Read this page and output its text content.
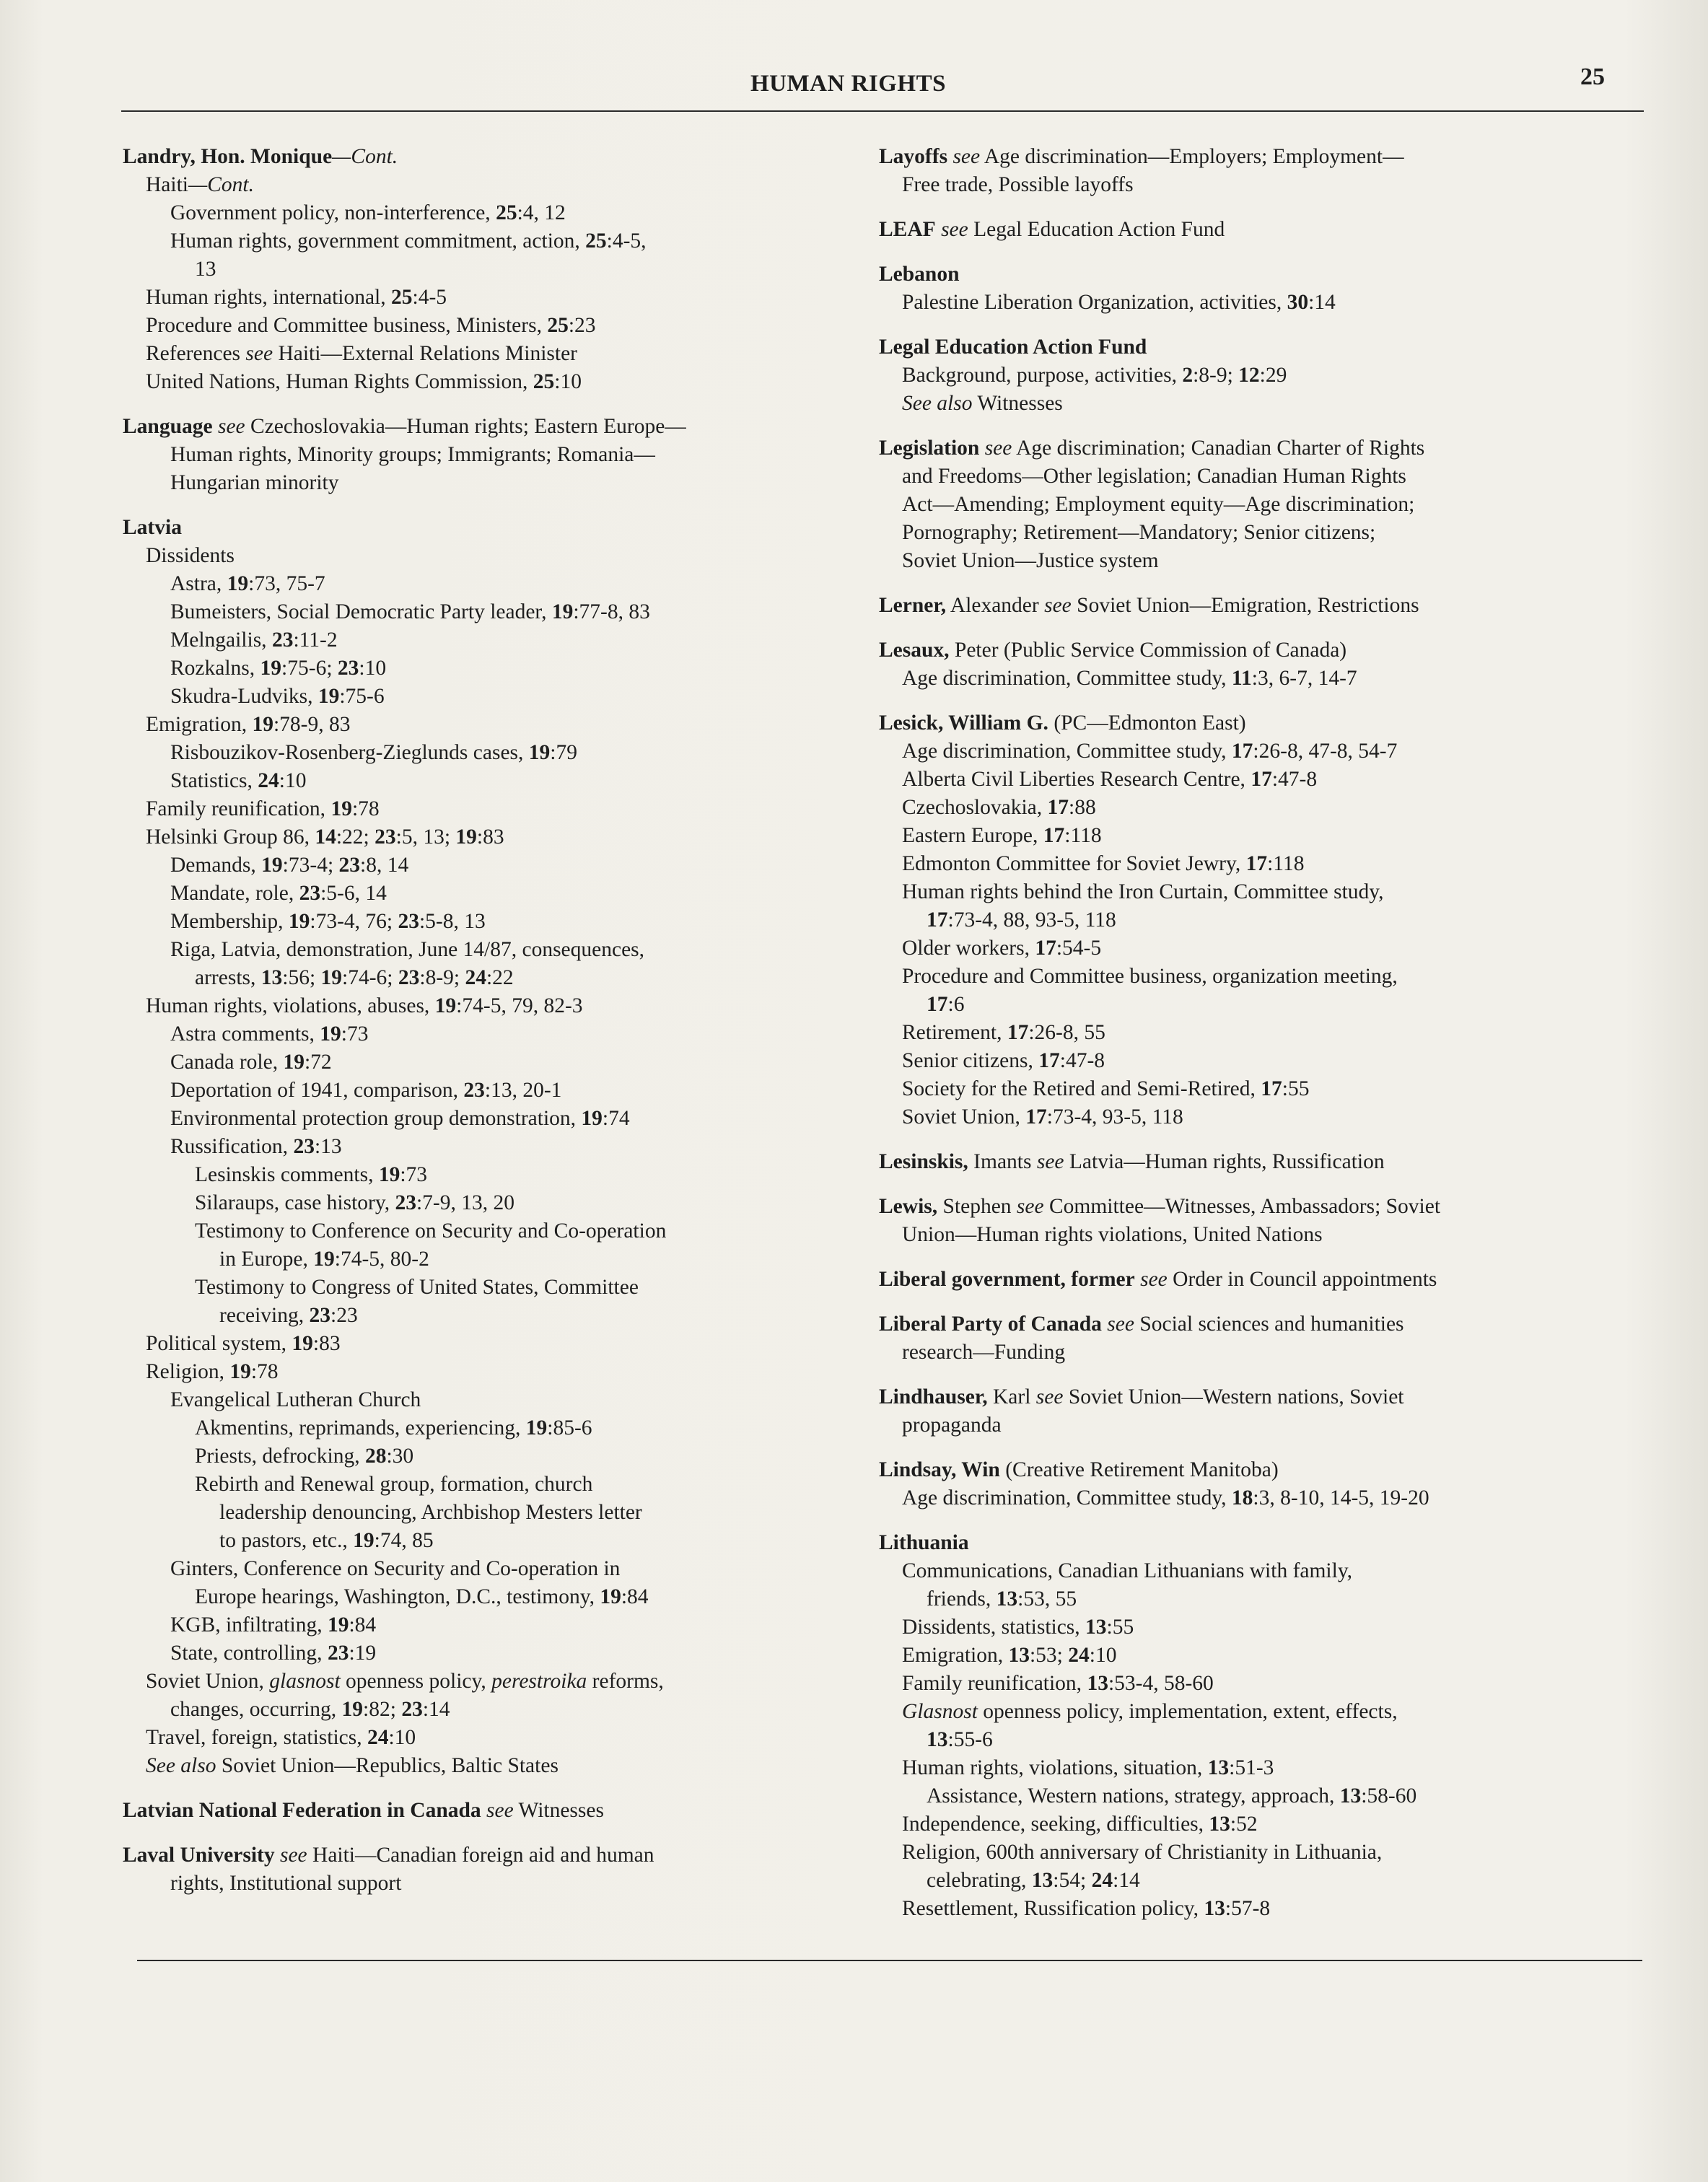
HUMAN RIGHTS	25
Landry, Hon. Monique—Cont.
Haiti—Cont.
Government policy, non-interference, 25:4, 12
Human rights, government commitment, action, 25:4-5,
13
Human rights, international, 25:4-5
Procedure and Committee business, Ministers, 25:23
References see Haiti—External Relations Minister
United Nations, Human Rights Commission, 25:10
Language see Czechoslovakia—Human rights; Eastern Europe—
Human rights, Minority groups; Immigrants; Romania—
Hungarian minority
Latvia
Dissidents
Astra, 19:73, 75-7
Bumeisters, Social Democratic Party leader, 19:77-8, 83
Melngailis, 23:11-2
Rozkalns, 19:75-6; 23:10
Skudra-Ludviks, 19:75-6
Emigration, 19:78-9, 83
Risbouzikov-Rosenberg-Zieglunds cases, 19:79
Statistics, 24:10
Family reunification, 19:78
Helsinki Group 86, 14:22; 23:5, 13; 19:83
Demands, 19:73-4; 23:8, 14
Mandate, role, 23:5-6, 14
Membership, 19:73-4, 76; 23:5-8, 13
Riga, Latvia, demonstration, June 14/87, consequences,
arrests, 13:56; 19:74-6; 23:8-9; 24:22
Human rights, violations, abuses, 19:74-5, 79, 82-3
Astra comments, 19:73
Canada role, 19:72
Deportation of 1941, comparison, 23:13, 20-1
Environmental protection group demonstration, 19:74
Russification, 23:13
Lesinskis comments, 19:73
Silaraups, case history, 23:7-9, 13, 20
Testimony to Conference on Security and Co-operation
in Europe, 19:74-5, 80-2
Testimony to Congress of United States, Committee
receiving, 23:23
Political system, 19:83
Religion, 19:78
Evangelical Lutheran Church
Akmentins, reprimands, experiencing, 19:85-6
Priests, defrocking, 28:30
Rebirth and Renewal group, formation, church
leadership denouncing, Archbishop Mesters letter
to pastors, etc., 19:74, 85
Ginters, Conference on Security and Co-operation in
Europe hearings, Washington, D.C., testimony, 19:84
KGB, infiltrating, 19:84
State, controlling, 23:19
Soviet Union, glasnost openness policy, perestroika reforms,
changes, occurring, 19:82; 23:14
Travel, foreign, statistics, 24:10
See also Soviet Union—Republics, Baltic States
Latvian National Federation in Canada see Witnesses
Laval University see Haiti—Canadian foreign aid and human
rights, Institutional support
Layoffs see Age discrimination—Employers; Employment—
Free trade, Possible layoffs
LEAF see Legal Education Action Fund
Lebanon
Palestine Liberation Organization, activities, 30:14
Legal Education Action Fund
Background, purpose, activities, 2:8-9; 12:29
See also Witnesses
Legislation see Age discrimination; Canadian Charter of Rights
and Freedoms—Other legislation; Canadian Human Rights
Act—Amending; Employment equity—Age discrimination;
Pornography; Retirement—Mandatory; Senior citizens;
Soviet Union—Justice system
Lerner, Alexander see Soviet Union—Emigration, Restrictions
Lesaux, Peter (Public Service Commission of Canada)
Age discrimination, Committee study, 11:3, 6-7, 14-7
Lesick, William G. (PC—Edmonton East)
Age discrimination, Committee study, 17:26-8, 47-8, 54-7
Alberta Civil Liberties Research Centre, 17:47-8
Czechoslovakia, 17:88
Eastern Europe, 17:118
Edmonton Committee for Soviet Jewry, 17:118
Human rights behind the Iron Curtain, Committee study,
17:73-4, 88, 93-5, 118
Older workers, 17:54-5
Procedure and Committee business, organization meeting,
17:6
Retirement, 17:26-8, 55
Senior citizens, 17:47-8
Society for the Retired and Semi-Retired, 17:55
Soviet Union, 17:73-4, 93-5, 118
Lesinskis, Imants see Latvia—Human rights, Russification
Lewis, Stephen see Committee—Witnesses, Ambassadors; Soviet
Union—Human rights violations, United Nations
Liberal government, former see Order in Council appointments
Liberal Party of Canada see Social sciences and humanities
research—Funding
Lindhauser, Karl see Soviet Union—Western nations, Soviet
propaganda
Lindsay, Win (Creative Retirement Manitoba)
Age discrimination, Committee study, 18:3, 8-10, 14-5, 19-20
Lithuania
Communications, Canadian Lithuanians with family,
friends, 13:53, 55
Dissidents, statistics, 13:55
Emigration, 13:53; 24:10
Family reunification, 13:53-4, 58-60
Glasnost openness policy, implementation, extent, effects,
13:55-6
Human rights, violations, situation, 13:51-3
Assistance, Western nations, strategy, approach, 13:58-60
Independence, seeking, difficulties, 13:52
Religion, 600th anniversary of Christianity in Lithuania,
celebrating, 13:54; 24:14
Resettlement, Russification policy, 13:57-8
